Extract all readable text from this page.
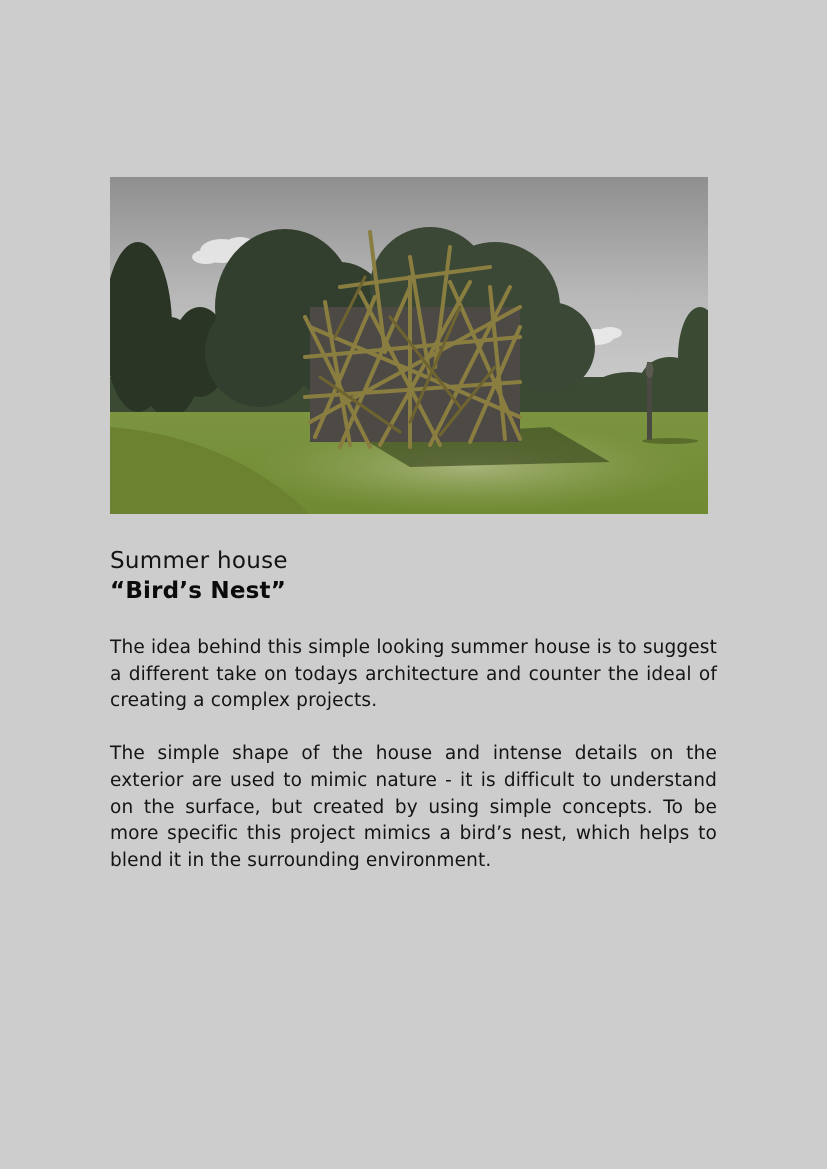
Summer house
“Bird’s Nest”

The idea behind this simple looking summer house is to suggest a different take on todays architecture and counter the ideal of creating a complex projects.

The simple shape of the house and intense details on the exterior are used to mimic nature - it is difficult to understand on the surface, but created by using simple concepts. To be more specific this project mimics a bird’s nest, which helps to blend it in the surrounding environment.
